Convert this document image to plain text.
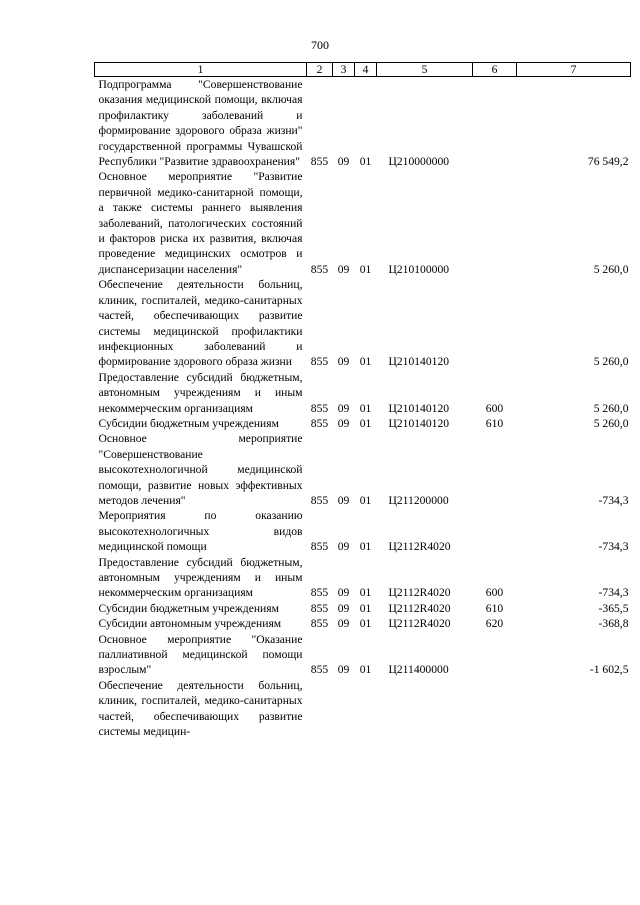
700
1	2	3	4	5	6	7
Подпрограмма "Совершенствование оказания медицинской помощи, включая профилактику заболеваний и формирование здорового образа жизни" государственной программы Чувашской Республики "Развитие здравоохранения"	855	09	01	Ц210000000		76 549,2
Основное мероприятие "Развитие первичной медико-санитарной помощи, а также системы раннего выявления заболеваний, патологических состояний и факторов риска их развития, включая проведение медицинских осмотров и диспансеризации населения"	855	09	01	Ц210100000		5 260,0
Обеспечение деятельности больниц, клиник, госпиталей, медико-санитарных частей, обеспечивающих развитие системы медицинской профилактики инфекционных заболеваний и формирование здорового образа жизни	855	09	01	Ц210140120		5 260,0
Предоставление субсидий бюджетным, автономным учреждениям и иным некоммерческим организациям	855	09	01	Ц210140120	600	5 260,0
Субсидии бюджетным учреждениям	855	09	01	Ц210140120	610	5 260,0
Основное мероприятие "Совершенствование высокотехнологичной медицинской помощи, развитие новых эффективных методов лечения"	855	09	01	Ц211200000		-734,3
Мероприятия по оказанию высокотехнологичных видов медицинской помощи	855	09	01	Ц2112R4020		-734,3
Предоставление субсидий бюджетным, автономным учреждениям и иным некоммерческим организациям	855	09	01	Ц2112R4020	600	-734,3
Субсидии бюджетным учреждениям	855	09	01	Ц2112R4020	610	-365,5
Субсидии автономным учреждениям	855	09	01	Ц2112R4020	620	-368,8
Основное мероприятие "Оказание паллиативной медицинской помощи взрослым"	855	09	01	Ц211400000		-1 602,5
Обеспечение деятельности больниц, клиник, госпиталей, медико-санитарных частей, обеспечивающих развитие системы медицин-						
